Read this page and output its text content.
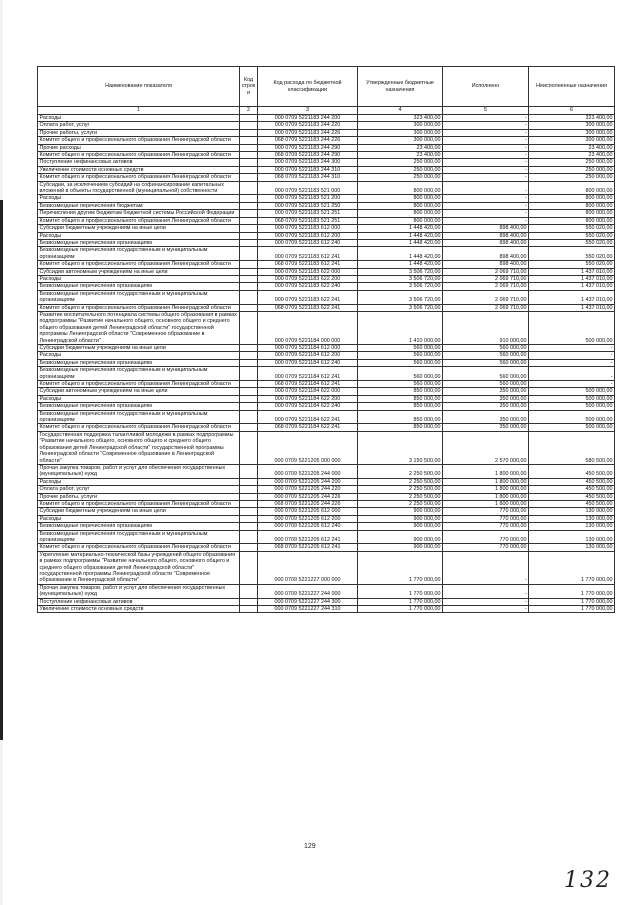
Наименование показателя	Код строки	Код расхода по бюджетной классификации	Утвержденные бюджетные назначения	Исполнено	Неисполненные назначения
1	2	3	4	5	6
Расходы		000 0709 5221183 244 200	323 400,00	-	323 400,00
Оплата работ, услуг		000 0709 5221183 244 220	300 000,00	-	300 000,00
Прочие работы, услуги		000 0709 5221183 244 226	300 000,00	-	300 000,00
Комитет общего и профессионального образования Ленинградской области		068 0709 5221183 244 226	300 000,00	-	300 000,00
Прочие расходы		000 0709 5221183 244 290	23 400,00	-	23 400,00
Комитет общего и профессионального образования Ленинградской области		068 0709 5221183 244 290	23 400,00	-	23 400,00
Поступление нефинансовых активов		000 0709 5221183 244 300	250 000,00	-	250 000,00
Увеличение стоимости основных средств		000 0709 5221183 244 310	250 000,00	-	250 000,00
Комитет общего и профессионального образования Ленинградской области		068 0709 5221183 244 310	250 000,00	-	250 000,00
Субсидии, за исключением субсидий на софинансирование капитальных вложений в объекты государственной (муниципальной) собственности		000 0709 5221183 521 000	800 000,00	-	800 000,00
Расходы		000 0709 5221183 521 200	800 000,00	-	800 000,00
Безвозмездные перечисления бюджетам		000 0709 5221183 521 250	800 000,00	-	800 000,00
Перечисления другим бюджетам бюджетной системы Российской Федерации		000 0709 5221183 521 251	800 000,00	-	800 000,00
Комитет общего и профессионального образования Ленинградской области		068 0709 5221183 521 251	800 000,00	-	800 000,00
Субсидии бюджетным учреждениям на иные цели		000 0709 5221183 612 000	1 448 420,00	898 400,00	550 020,00
Расходы		000 0709 5221183 612 200	1 448 420,00	898 400,00	550 020,00
Безвозмездные перечисления организациям		000 0709 5221183 612 240	1 448 420,00	898 400,00	550 020,00
Безвозмездные перечисления государственным и муниципальным организациям		000 0709 5221183 612 241	1 448 420,00	898 400,00	550 020,00
Комитет общего и профессионального образования Ленинградской области		068 0709 5221183 612 241	1 448 420,00	898 400,00	550 020,00
Субсидии автономным учреждениям на иные цели		000 0709 5221183 622 000	3 506 720,00	2 069 710,00	1 437 010,00
Расходы		000 0709 5221183 622 200	3 506 720,00	2 069 710,00	1 437 010,00
Безвозмездные перечисления организациям		000 0709 5221183 622 240	3 506 720,00	2 069 710,00	1 437 010,00
Безвозмездные перечисления государственным и муниципальным организациям		000 0709 5221183 622 241	3 506 720,00	2 069 710,00	1 437 010,00
Комитет общего и профессионального образования Ленинградской области		068 0709 5221183 622 241	3 506 720,00	2 069 710,00	1 437 010,00
Развитие воспитательного потенциала системы общего образования в рамках подпрограммы "Развитие начального общего, основного общего и среднего общего образования детей Ленинградской области" государственной программы Ленинградской области "Современное образование в Ленинградской области"		000 0709 5221184 000 000	1 410 000,00	910 000,00	500 000,00
Субсидии бюджетным учреждениям на иные цели		000 0709 5221184 612 000	560 000,00	560 000,00	-
Расходы		000 0709 5221184 612 200	560 000,00	560 000,00	-
Безвозмездные перечисления организациям		000 0709 5221184 612 240	560 000,00	560 000,00	-
Безвозмездные перечисления государственным и муниципальным организациям		000 0709 5221184 612 241	560 000,00	560 000,00	-
Комитет общего и профессионального образования Ленинградской области		068 0709 5221184 612 241	560 000,00	560 000,00	-
Субсидии автономным учреждениям на иные цели		000 0709 5221184 622 000	850 000,00	350 000,00	500 000,00
Расходы		000 0709 5221184 622 200	850 000,00	350 000,00	500 000,00
Безвозмездные перечисления организациям		000 0709 5221184 622 240	850 000,00	350 000,00	500 000,00
Безвозмездные перечисления государственным и муниципальным организациям		000 0709 5221184 622 241	850 000,00	350 000,00	500 000,00
Комитет общего и профессионального образования Ленинградской области		068 0709 5221184 622 241	850 000,00	350 000,00	500 000,00
Государственная поддержка талантливой молодежи в рамках подпрограммы "Развитие начального общего, основного общего и среднего общего образования детей Ленинградской области" государственной программы Ленинградской области "Современное образование в Ленинградской области"		000 0709 5221205 000 000	3 150 500,00	2 570 000,00	580 500,00
Прочая закупка товаров, работ и услуг для обеспечения государственных (муниципальных) нужд		000 0709 5221205 244 000	2 250 500,00	1 800 000,00	450 500,00
Расходы		000 0709 5221205 244 200	2 250 500,00	1 800 000,00	450 500,00
Оплата работ, услуг		000 0709 5221205 244 220	2 250 500,00	1 800 000,00	450 500,00
Прочие работы, услуги		000 0709 5221205 244 226	2 250 500,00	1 800 000,00	450 500,00
Комитет общего и профессионального образования Ленинградской области		068 0709 5221205 244 226	2 250 500,00	1 800 000,00	450 500,00
Субсидии бюджетным учреждениям на иные цели		000 0709 5221205 612 000	900 000,00	770 000,00	130 000,00
Расходы		000 0709 5221205 612 200	900 000,00	770 000,00	130 000,00
Безвозмездные перечисления организациям		000 0709 5221205 612 240	900 000,00	770 000,00	130 000,00
Безвозмездные перечисления государственным и муниципальным организациям		000 0709 5221205 612 241	900 000,00	770 000,00	130 000,00
Комитет общего и профессионального образования Ленинградской области		068 0709 5221205 612 241	900 000,00	770 000,00	130 000,00
Укрепление материально-технической базы учреждений общего образования в рамках подпрограммы "Развитие начального общего, основного общего и среднего общего образования детей Ленинградской области" государственной программы Ленинградской области "Современное образование в Ленинградской области"		000 0709 5221227 000 000	1 770 000,00	-	1 770 000,00
Прочая закупка товаров, работ и услуг для обеспечения государственных (муниципальных) нужд		000 0709 5221227 244 000	1 770 000,00	-	1 770 000,00
Поступление нефинансовых активов		000 0709 5221227 244 300	1 770 000,00	-	1 770 000,00
Увеличение стоимости основных средств		000 0709 5221227 244 310	1 770 000,00	-	1 770 000,00
129
132
